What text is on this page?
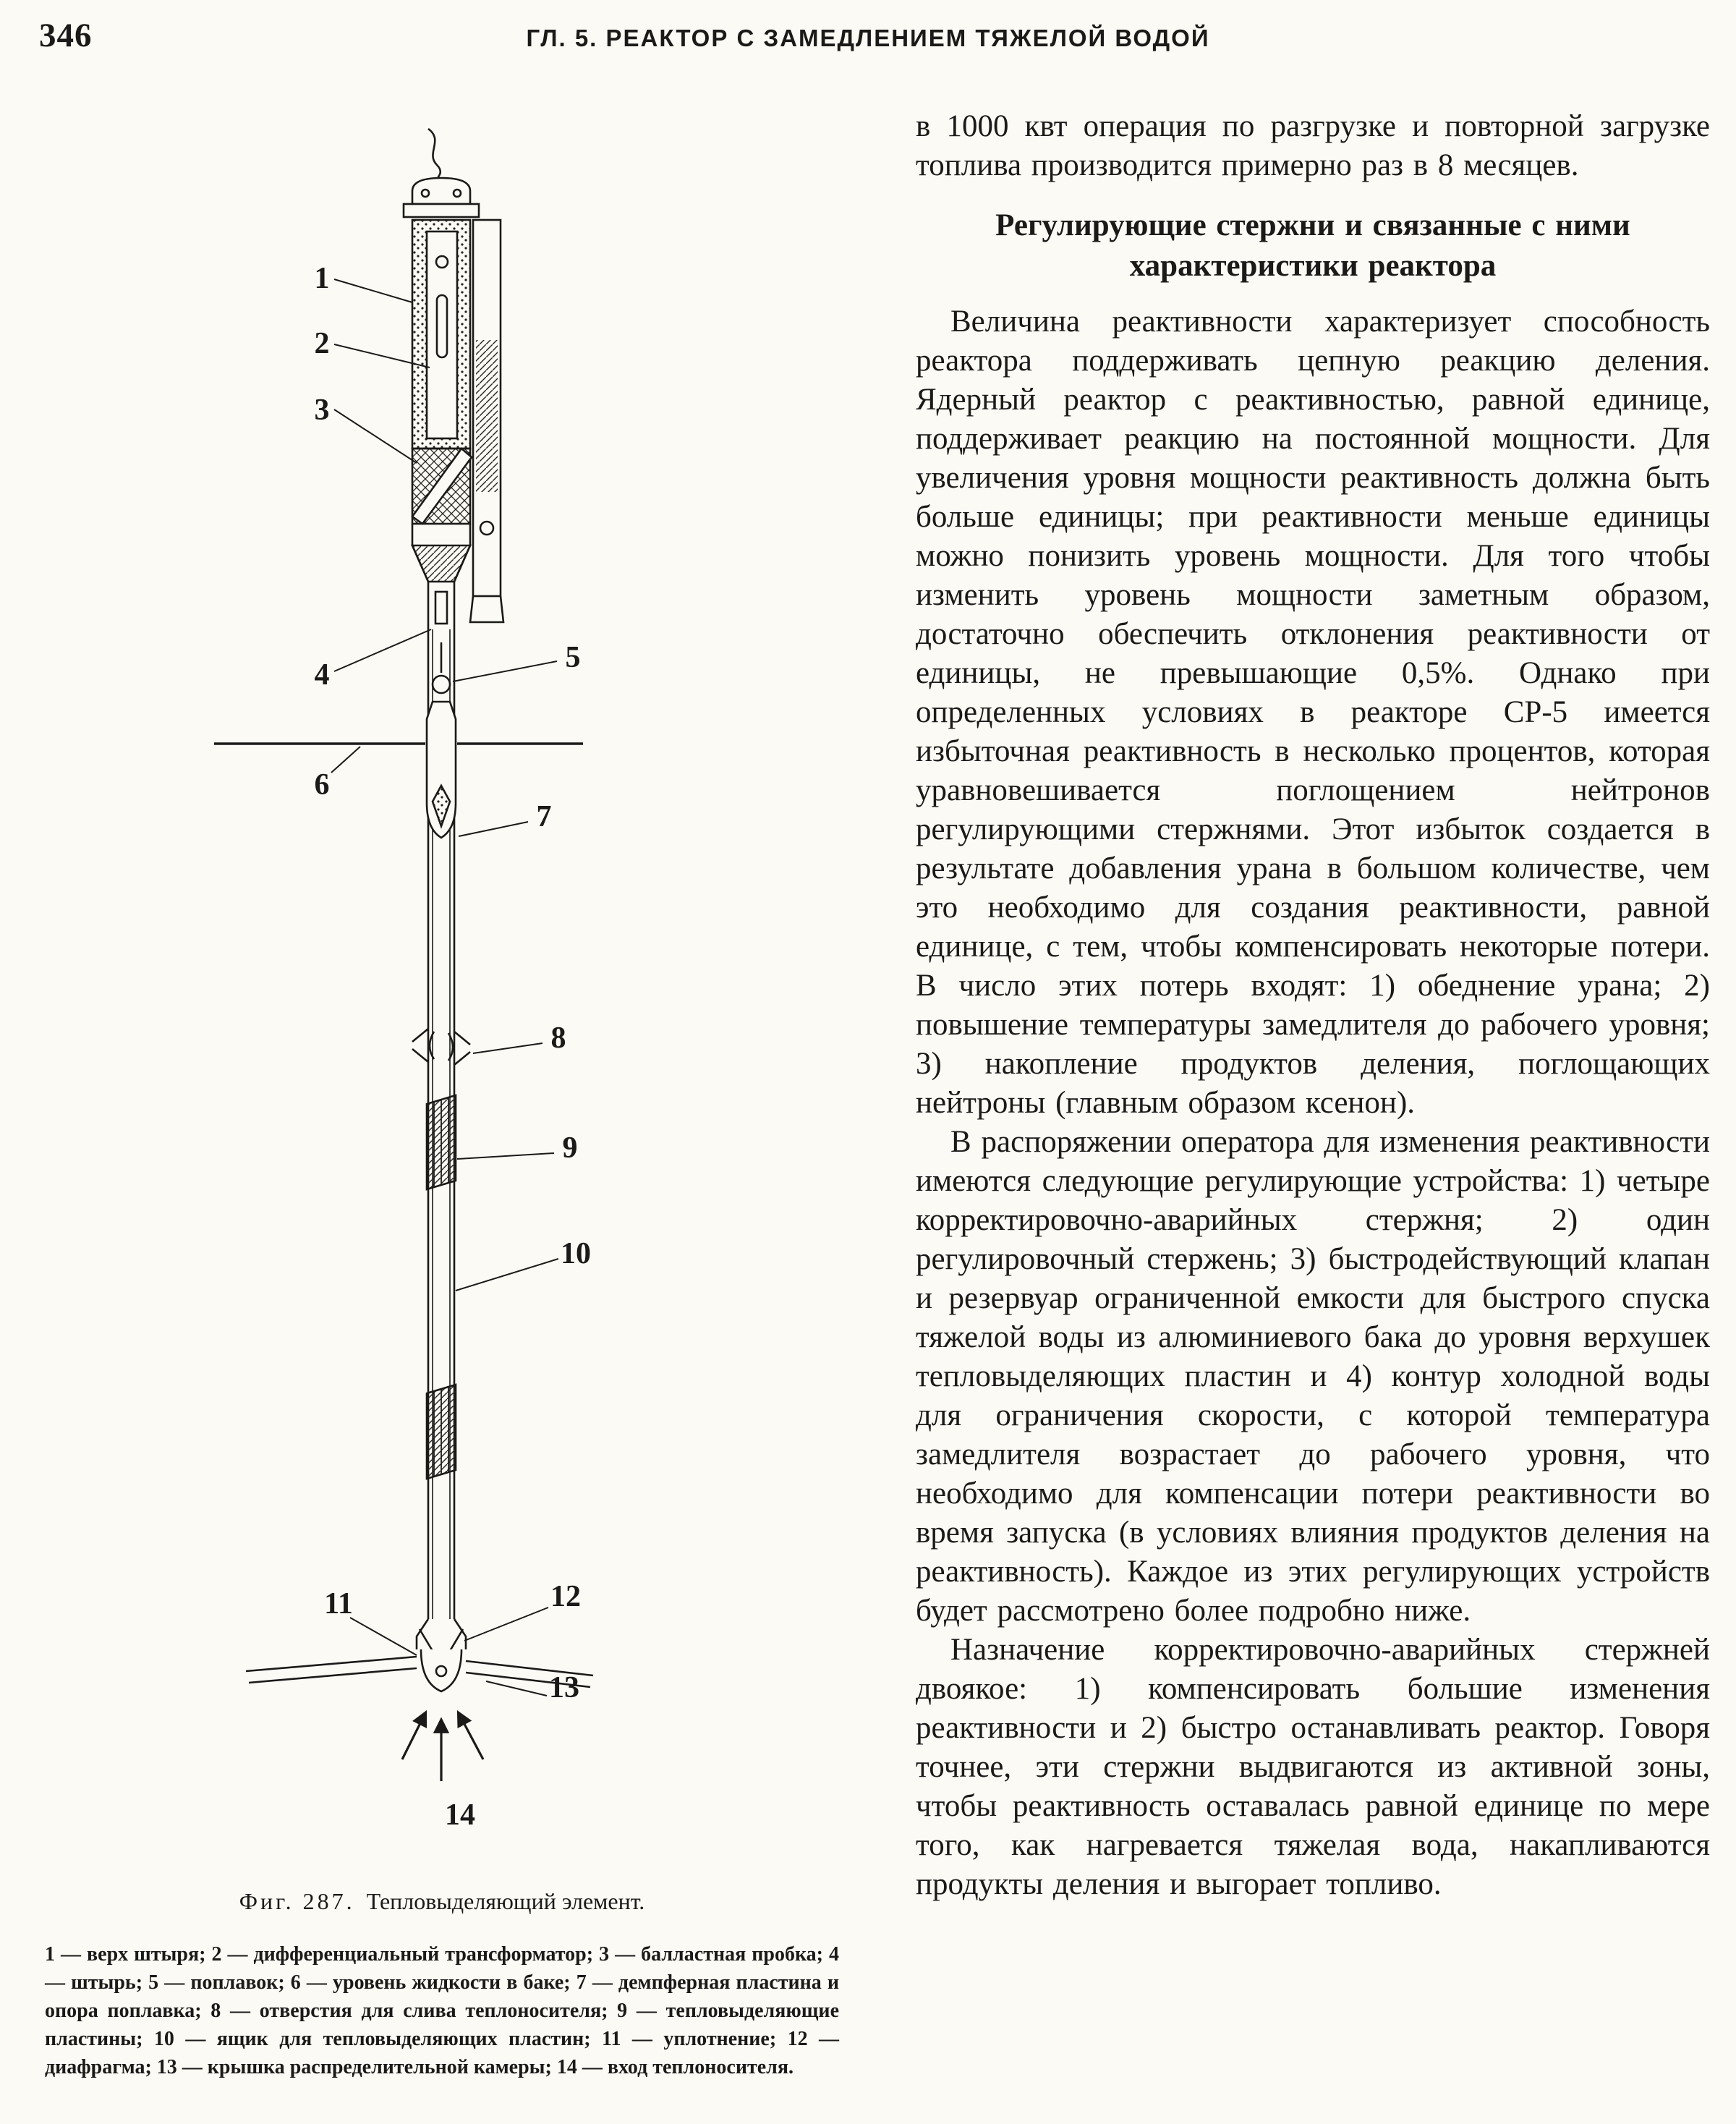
346	ГЛ. 5. РЕАКТОР С ЗАМЕДЛЕНИЕМ ТЯЖЕЛОЙ ВОДОЙ
1
2
3
4
5
6
7
8
9
10
11	12
13
14
Фиг. 287. Тепловыделяющий элемент.
1 — верх штыря; 2 — дифференциальный трансформатор; 3 — балластная пробка; 4 — штырь; 5 — поплавок; 6 — уровень жидкости в баке; 7 — демпферная пластина и опора поплавка; 8 — отверстия для слива теплоносителя; 9 — тепловыделяющие пластины; 10 — ящик для тепловыделяющих пластин; 11 — уплотнение; 12 — диафрагма; 13 — крышка распределительной камеры; 14 — вход теплоносителя.

в 1000 квт операция по разгрузке и повторной загрузке топлива производится примерно раз в 8 месяцев.

Регулирующие стержни и связанные с ними характеристики реактора

Величина реактивности характеризует способность реактора поддерживать цепную реакцию деления. Ядерный реактор с реактивностью, равной единице, поддерживает реакцию на постоянной мощности. Для увеличения уровня мощности реактивность должна быть больше единицы; при реактивности меньше единицы можно понизить уровень мощности. Для того чтобы изменить уровень мощности заметным образом, достаточно обеспечить отклонения реактивности от единицы, не превышающие 0,5%. Однако при определенных условиях в реакторе СР-5 имеется избыточная реактивность в несколько процентов, которая уравновешивается поглощением нейтронов регулирующими стержнями. Этот избыток создается в результате добавления урана в большом количестве, чем это необходимо для создания реактивности, равной единице, с тем, чтобы компенсировать некоторые потери. В число этих потерь входят: 1) обеднение урана; 2) повышение температуры замедлителя до рабочего уровня; 3) накопление продуктов деления, поглощающих нейтроны (главным образом ксенон).

В распоряжении оператора для изменения реактивности имеются следующие регулирующие устройства: 1) четыре корректировочно-аварийных стержня; 2) один регулировочный стержень; 3) быстродействующий клапан и резервуар ограниченной емкости для быстрого спуска тяжелой воды из алюминиевого бака до уровня верхушек тепловыделяющих пластин и 4) контур холодной воды для ограничения скорости, с которой температура замедлителя возрастает до рабочего уровня, что необходимо для компенсации потери реактивности во время запуска (в условиях влияния продуктов деления на реактивность). Каждое из этих регулирующих устройств будет рассмотрено более подробно ниже.

Назначение корректировочно-аварийных стержней двоякое: 1) компенсировать большие изменения реактивности и 2) быстро останавливать реактор. Говоря точнее, эти стержни выдвигаются из активной зоны, чтобы реактивность оставалась равной единице по мере того, как нагревается тяжелая вода, накапливаются продукты деления и выгорает топливо.
